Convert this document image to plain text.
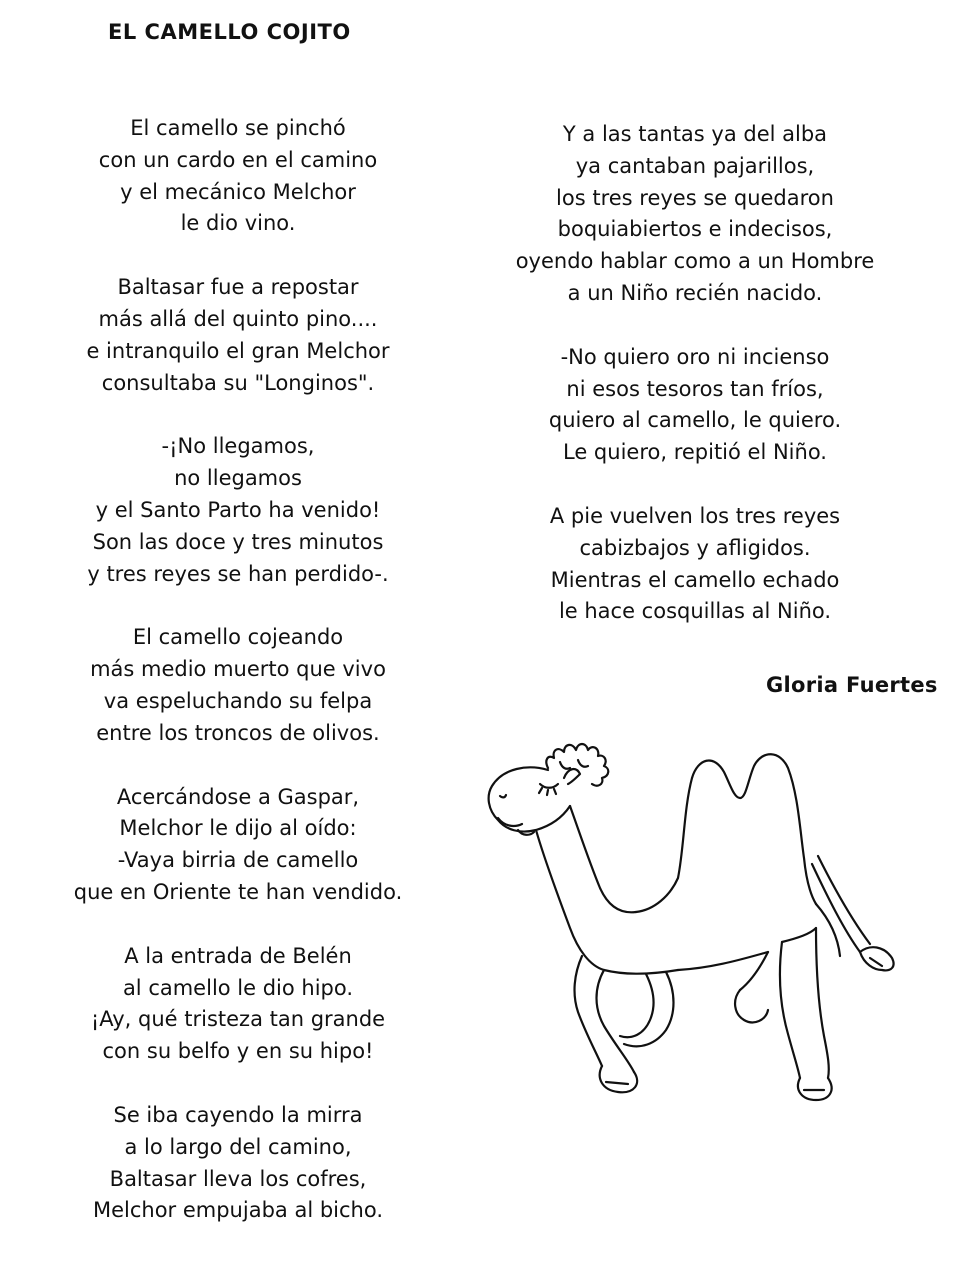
EL CAMELLO COJITO
El camello se pinchó
con un cardo en el camino
y el mecánico Melchor
le dio vino.
Baltasar fue a repostar
más allá del quinto pino....
e intranquilo el gran Melchor
consultaba su "Longinos".
-¡No llegamos,
no llegamos
y el Santo Parto ha venido!
Son las doce y tres minutos
y tres reyes se han perdido-.
El camello cojeando
más medio muerto que vivo
va espeluchando su felpa
entre los troncos de olivos.
Acercándose a Gaspar,
Melchor le dijo al oído:
-Vaya birria de camello
que en Oriente te han vendido.
A la entrada de Belén
al camello le dio hipo.
¡Ay, qué tristeza tan grande
con su belfo y en su hipo!
Se iba cayendo la mirra
a lo largo del camino,
Baltasar lleva los cofres,
Melchor empujaba al bicho.
Y a las tantas ya del alba
ya cantaban pajarillos,
los tres reyes se quedaron
boquiabiertos e indecisos,
oyendo hablar como a un Hombre
a un Niño recién nacido.
-No quiero oro ni incienso
ni esos tesoros tan fríos,
quiero al camello, le quiero.
Le quiero, repitió el Niño.
A pie vuelven los tres reyes
cabizbajos y afligidos.
Mientras el camello echado
le hace cosquillas al Niño.
Gloria Fuertes
